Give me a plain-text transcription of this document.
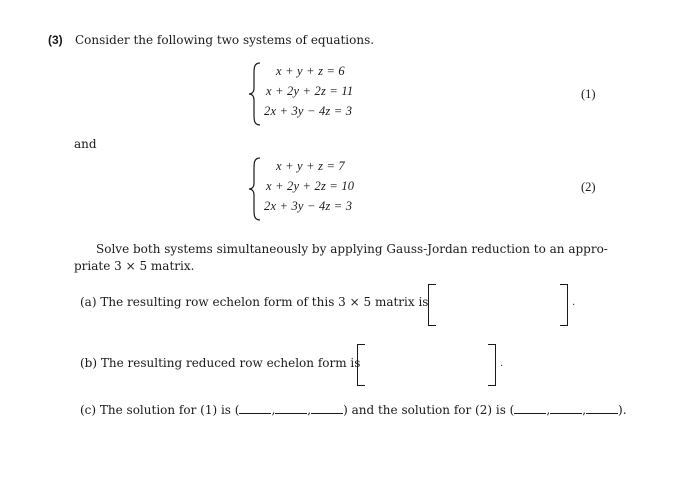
(3) Consider the following two systems of equations.
x + y + z = 6
x + 2y + 2z = 11
2x + 3y − 4z = 3
(1)
and
x + y + z = 7
x + 2y + 2z = 10
2x + 3y − 4z = 3
(2)
Solve both systems simultaneously by applying Gauss-Jordan reduction to an appro-
priate 3 × 5 matrix.
(a) The resulting row echelon form of this 3 × 5 matrix is	.
(b) The resulting reduced row echelon form is	.
(c) The solution for (1) is (	,	,	) and the solution for (2) is (	,	,	).
